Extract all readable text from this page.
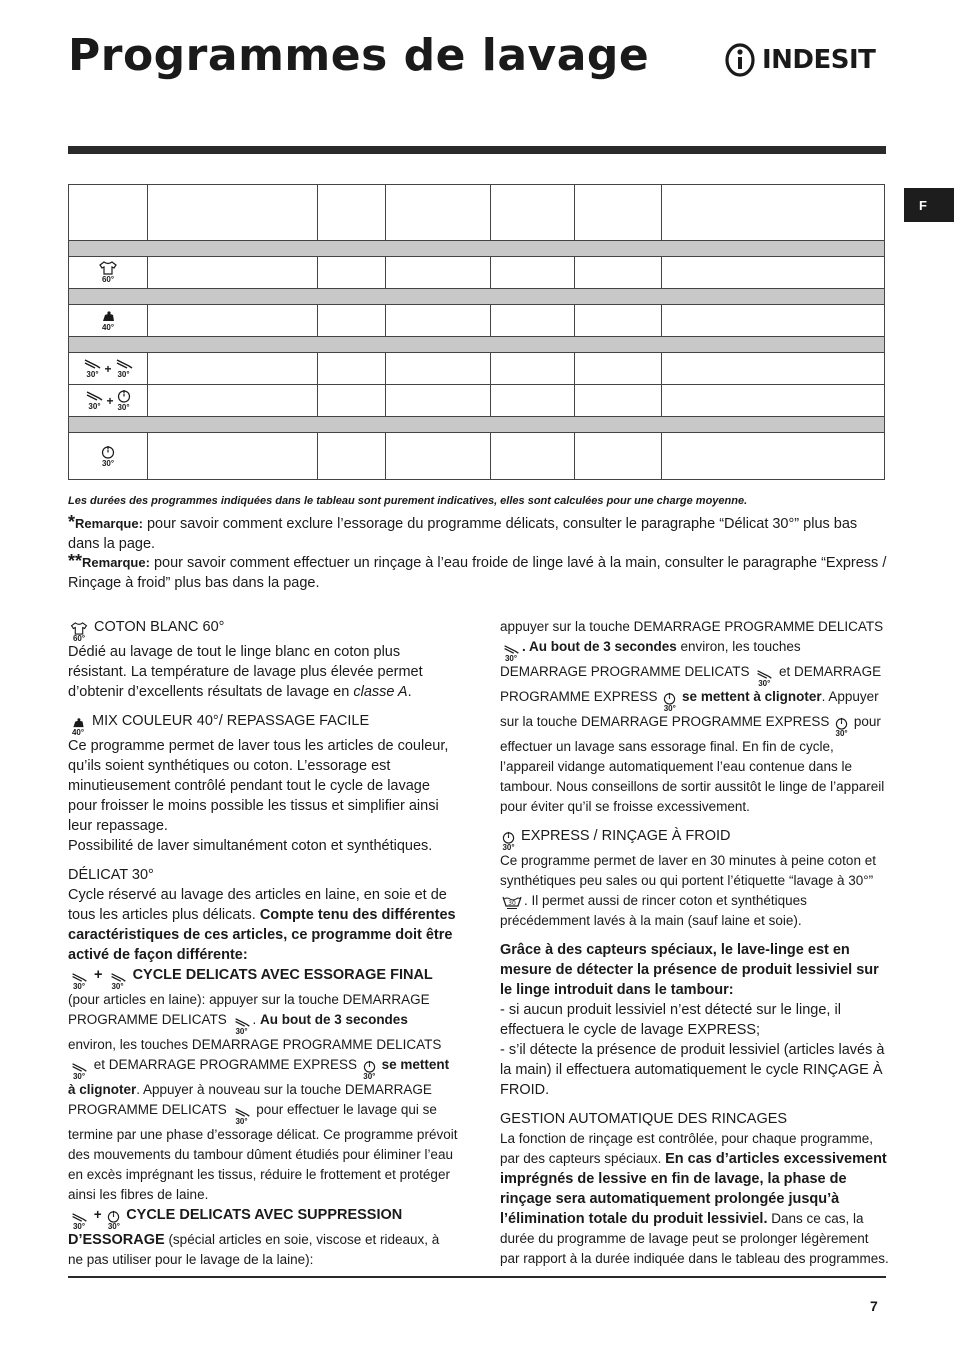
Programmes de lavage	INDESIT
F

60°						

40°						

30° + 30°						

30° + 30°						

30°						

Les durées des programmes indiquées dans le tableau sont purement indicatives, elles sont calculées pour une charge moyenne.
*Remarque: pour savoir comment exclure l’essorage du programme délicats, consulter le paragraphe “Délicat 30°” plus bas dans la page.
**Remarque: pour savoir comment effectuer un rinçage à l’eau froide de linge lavé à la main, consulter le paragraphe “Express / Rinçage à froid” plus bas dans la page.

60°
COTON BLANC 60°

Dédié au lavage de tout le linge blanc en coton plus résistant. La température de lavage plus élevée permet d’obtenir d’excellents résultats de lavage en classe A.

40°
MIX COULEUR 40°/ REPASSAGE FACILE

Ce programme permet de laver tous les articles de couleur, qu’ils soient synthétiques ou coton. L’essorage est minutieusement contrôlé pendant tout le cycle de lavage pour froisser le moins possible les tissus et simplifier ainsi leur repassage.

Possibilité de laver simultanément coton et synthétiques.

DÉLICAT 30°

Cycle réservé au lavage des articles en laine, en soie et de tous les articles plus délicats. Compte tenu des différentes caractéristiques de ces articles, ce programme doit être activé de façon différente:

30°
+
30°
CYCLE DELICATS AVEC ESSORAGE FINAL

(pour articles en laine): appuyer sur la touche DEMARRAGE PROGRAMME DELICATS
30°
. Au bout de 3 secondes environ, les touches DEMARRAGE PROGRAMME DELICATS
30°
et DEMARRAGE PROGRAMME EXPRESS
30°
se mettent à clignoter. Appuyer à nouveau sur la touche DEMARRAGE PROGRAMME DELICATS
30°
pour effectuer le lavage qui se termine par une phase d’essorage délicat. Ce programme prévoit des mouvements du tambour dûment étudiés pour éliminer l’eau en excès imprégnant les tissus, réduire le frottement et protéger ainsi les fibres de laine.

30°
+
30°
CYCLE DELICATS AVEC SUPPRESSION D’ESSORAGE (spécial articles en soie, viscose et rideaux, à ne pas utiliser pour le lavage de la laine):

appuyer sur la touche DEMARRAGE PROGRAMME DELICATS
30°
. Au bout de 3 secondes environ, les touches DEMARRAGE PROGRAMME DELICATS
30°
et DEMARRAGE PROGRAMME EXPRESS
30°
se mettent à clignoter. Appuyer sur la touche DEMARRAGE PROGRAMME EXPRESS
30°
pour effectuer un lavage sans essorage final. En fin de cycle, l’appareil vidange automatiquement l’eau contenue dans le tambour. Nous conseillons de sortir aussitôt le linge de l’appareil pour éviter qu’il se froisse excessivement.

30°
EXPRESS / RINÇAGE À FROID

Ce programme permet de laver en 30 minutes à peine coton et synthétiques peu sales ou qui portent l’étiquette “lavage à 30°”
30 . Il permet aussi de rincer coton et synthétiques précédemment lavés à la main (sauf laine et soie).

Grâce à des capteurs spéciaux, le lave-linge est en mesure de détecter la présence de produit lessiviel sur le linge introduit dans le tambour:

- si aucun produit lessiviel n’est détecté sur le linge, il effectuera le cycle de lavage EXPRESS;

- s’il détecte la présence de produit lessiviel (articles lavés à la main) il effectuera automatiquement le cycle RINÇAGE À FROID.

GESTION AUTOMATIQUE DES RINCAGES

La fonction de rinçage est contrôlée, pour chaque programme, par des capteurs spéciaux. En cas d’articles excessivement imprégnés de lessive en fin de lavage, la phase de rinçage sera automatiquement prolongée jusqu’à l’élimination totale du produit lessiviel. Dans ce cas, la durée du programme de lavage peut se prolonger légèrement par rapport à la durée indiquée dans le tableau des programmes.

7
